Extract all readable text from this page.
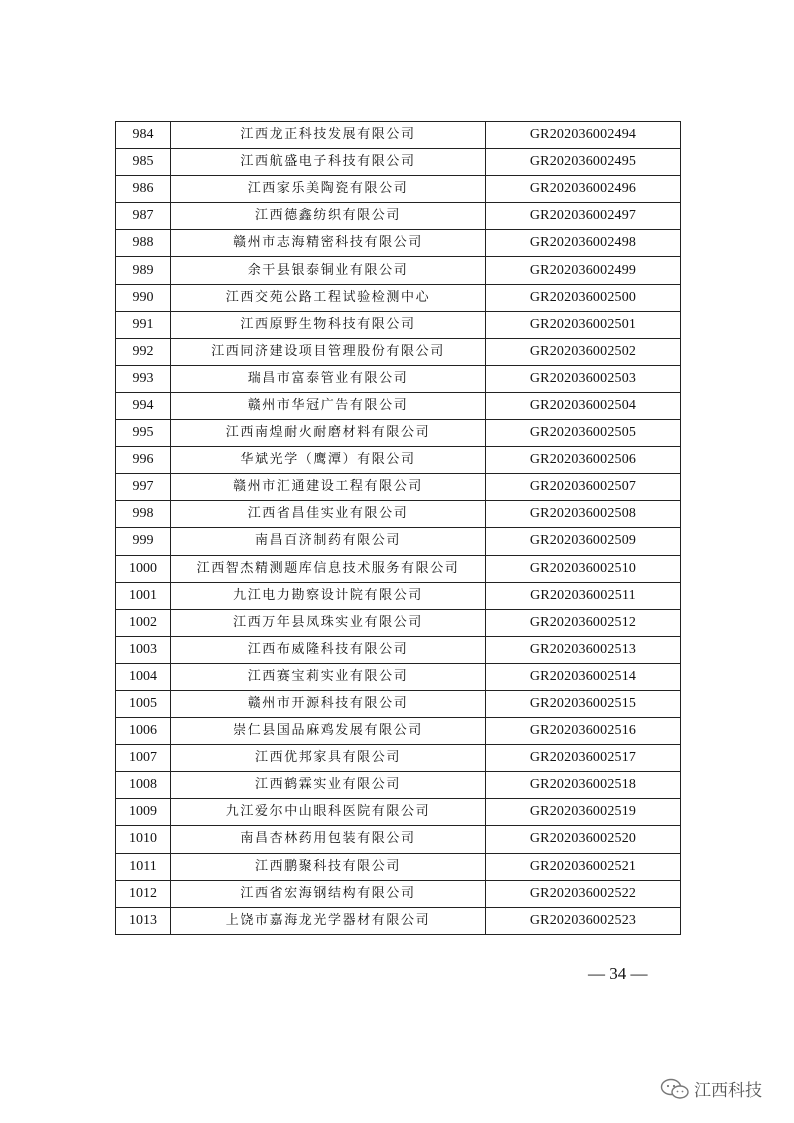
984	江西龙正科技发展有限公司	GR202036002494
985	江西航盛电子科技有限公司	GR202036002495
986	江西家乐美陶瓷有限公司	GR202036002496
987	江西德鑫纺织有限公司	GR202036002497
988	赣州市志海精密科技有限公司	GR202036002498
989	余干县银泰铜业有限公司	GR202036002499
990	江西交苑公路工程试验检测中心	GR202036002500
991	江西原野生物科技有限公司	GR202036002501
992	江西同济建设项目管理股份有限公司	GR202036002502
993	瑞昌市富泰管业有限公司	GR202036002503
994	赣州市华冠广告有限公司	GR202036002504
995	江西南煌耐火耐磨材料有限公司	GR202036002505
996	华斌光学（鹰潭）有限公司	GR202036002506
997	赣州市汇通建设工程有限公司	GR202036002507
998	江西省昌佳实业有限公司	GR202036002508
999	南昌百济制药有限公司	GR202036002509
1000	江西智杰精测题库信息技术服务有限公司	GR202036002510
1001	九江电力勘察设计院有限公司	GR202036002511
1002	江西万年县凤珠实业有限公司	GR202036002512
1003	江西布威隆科技有限公司	GR202036002513
1004	江西赛宝莉实业有限公司	GR202036002514
1005	赣州市开源科技有限公司	GR202036002515
1006	崇仁县国品麻鸡发展有限公司	GR202036002516
1007	江西优邦家具有限公司	GR202036002517
1008	江西鹤霖实业有限公司	GR202036002518
1009	九江爱尔中山眼科医院有限公司	GR202036002519
1010	南昌杏林药用包装有限公司	GR202036002520
1011	江西鹏聚科技有限公司	GR202036002521
1012	江西省宏海钢结构有限公司	GR202036002522
1013	上饶市嘉海龙光学器材有限公司	GR202036002523
— 34 —
江西科技
